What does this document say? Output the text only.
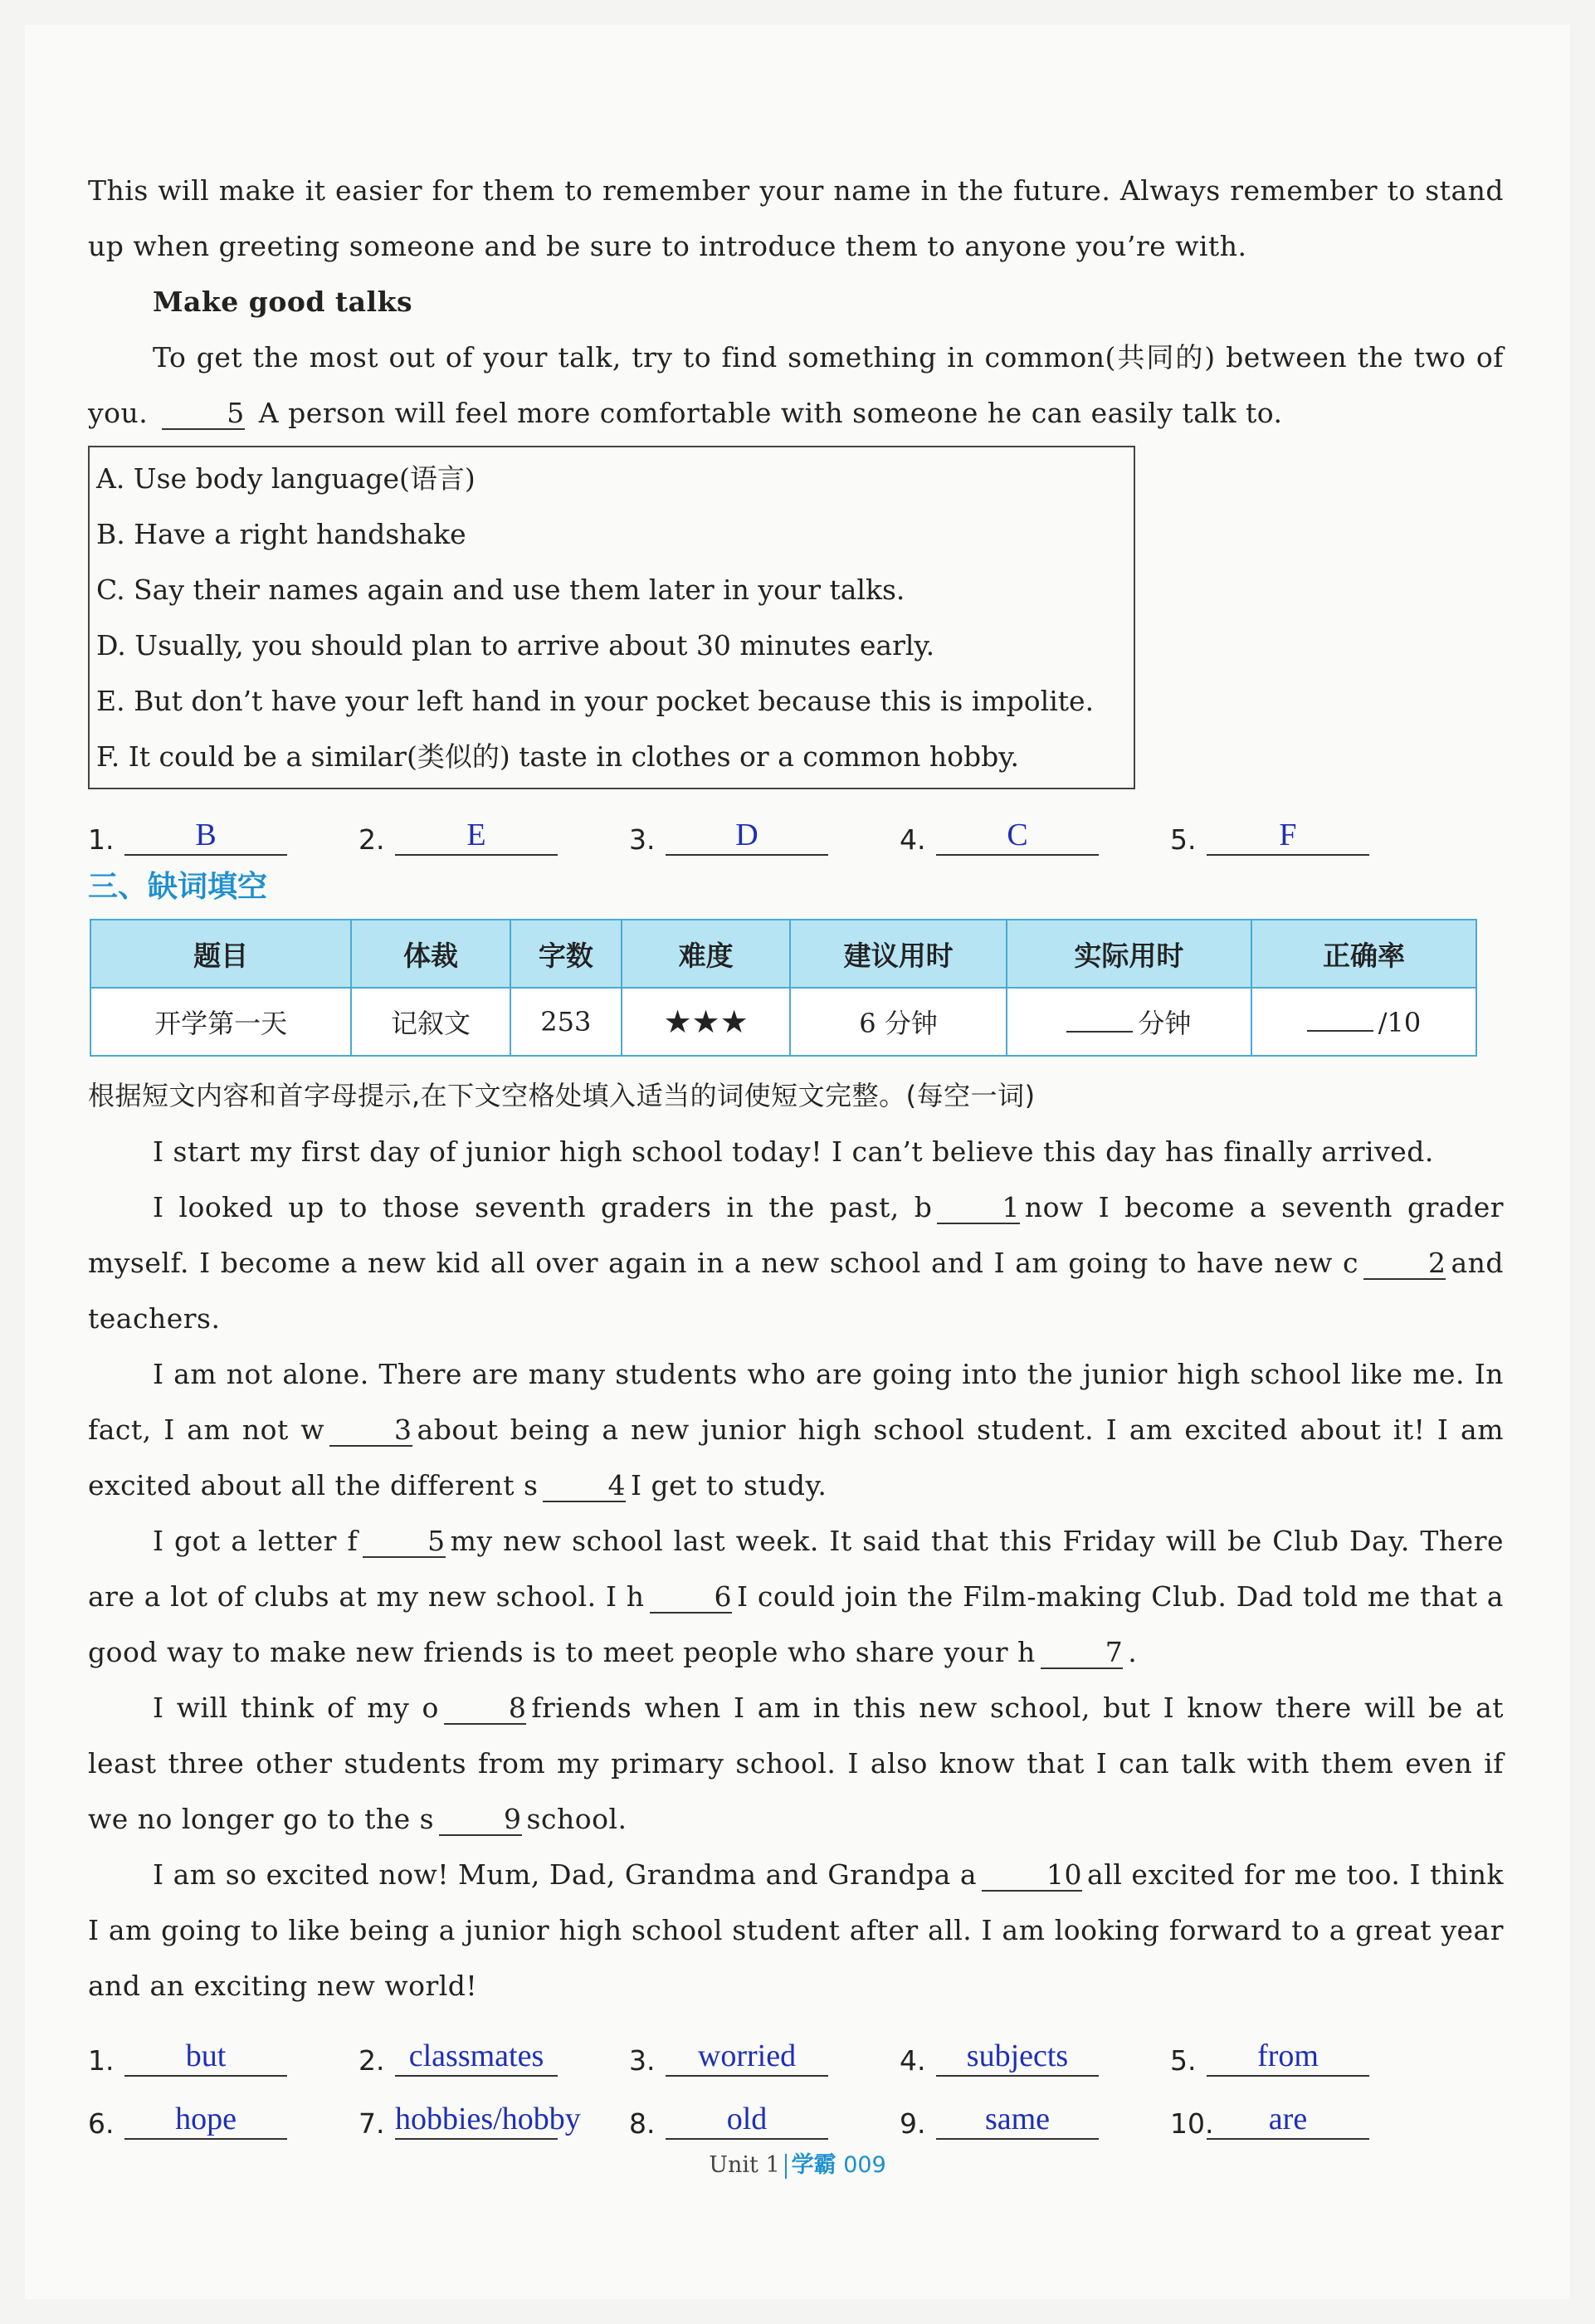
This will make it easier for them to remember your name in the future. Always remember to stand up when greeting someone and be sure to introduce them to anyone you’re with.

Make good talks

To get the most out of your talk, try to find something in common(共同的) between the two of you.	5 A person will feel more comfortable with someone he can easily talk to.

A. Use body language(语言)

B. Have a right handshake

C. Say their names again and use them later in your talks.

D. Usually, you should plan to arrive about 30 minutes early.

E. But don’t have your left hand in your pocket because this is impolite.

F. It could be a similar(类似的) taste in clothes or a common hobby.

1.	B	2.	E	3.	D	4.	C	5.	F
三、缺词填空
题目	体裁	字数	难度	建议用时	实际用时	正确率
开学第一天	记叙文	253	★★★	6 分钟	分钟	/10

根据短文内容和首字母提示,在下文空格处填入适当的词使短文完整。(每空一词)

I start my first day of junior high school today! I can’t believe this day has finally arrived.

I looked up to those seventh graders in the past, b	1 now I become a seventh grader myself. I become a new kid all over again in a new school and I am going to have new c	2 and teachers.

I am not alone. There are many students who are going into the junior high school like me. In fact, I am not w	3 about being a new junior high school student. I am excited about it! I am excited about all the different s	4 I get to study.

I got a letter f	5 my new school last week. It said that this Friday will be Club Day. There are a lot of clubs at my new school. I h	6 I could join the Film-making Club. Dad told me that a good way to make new friends is to meet people who share your h	7 .

I will think of my o	8 friends when I am in this new school, but I know there will be at least three other students from my primary school. I also know that I can talk with them even if we no longer go to the s	9 school.

I am so excited now! Mum, Dad, Grandma and Grandpa a	10 all excited for me too. I think I am going to like being a junior high school student after all. I am looking forward to a great year and an exciting new world!

1.	but	2. classmates	3.	worried	4.	subjects	5.	from
6.	hope	7. hobbies/hobby 8.	old	9.	same	10.	are
Unit 1 学霸 009
